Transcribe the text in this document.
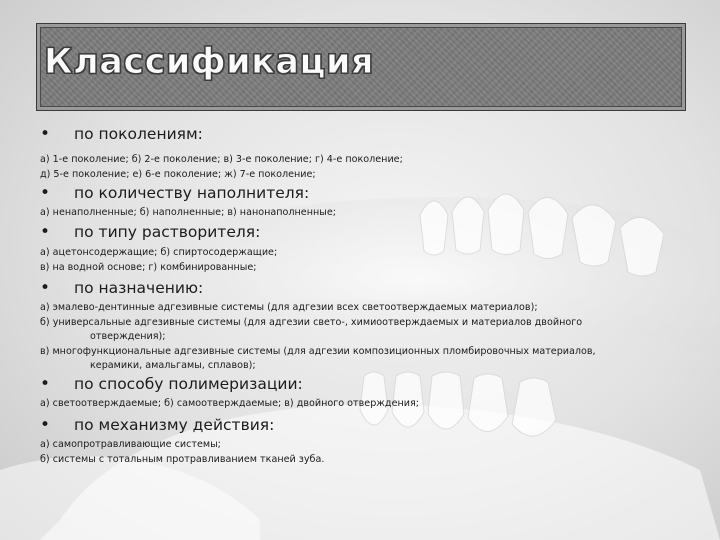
Классификация
•	по поколениям:
а) 1-е поколение; б) 2-е поколение; в) 3-е поколение; г) 4-е поколение;
д) 5-е поколение; е) 6-е поколение; ж) 7-е поколение;
•	по количеству наполнителя:
а) ненаполненные; б) наполненные; в) нанонаполненные;
•	по типу растворителя:
а) ацетонсодержащие; б) спиртосодержащие;
в) на водной основе; г) комбинированные;
•	по назначению:
а) эмалево-дентинные адгезивные системы (для адгезии всех светоотверждаемых материалов);
б) универсальные адгезивные системы (для адгезии свето-, химиоотверждаемых и материалов двойного
отверждения);
в) многофункциональные адгезивные системы (для адгезии композиционных пломбировочных материалов,
керамики, амальгамы, сплавов);
•	по способу полимеризации:
а) светоотверждаемые; б) самоотверждаемые; в) двойного отверждения;
•	по механизму действия:
а) самопротравливающие системы;
б) системы с тотальным протравливанием тканей зуба.
